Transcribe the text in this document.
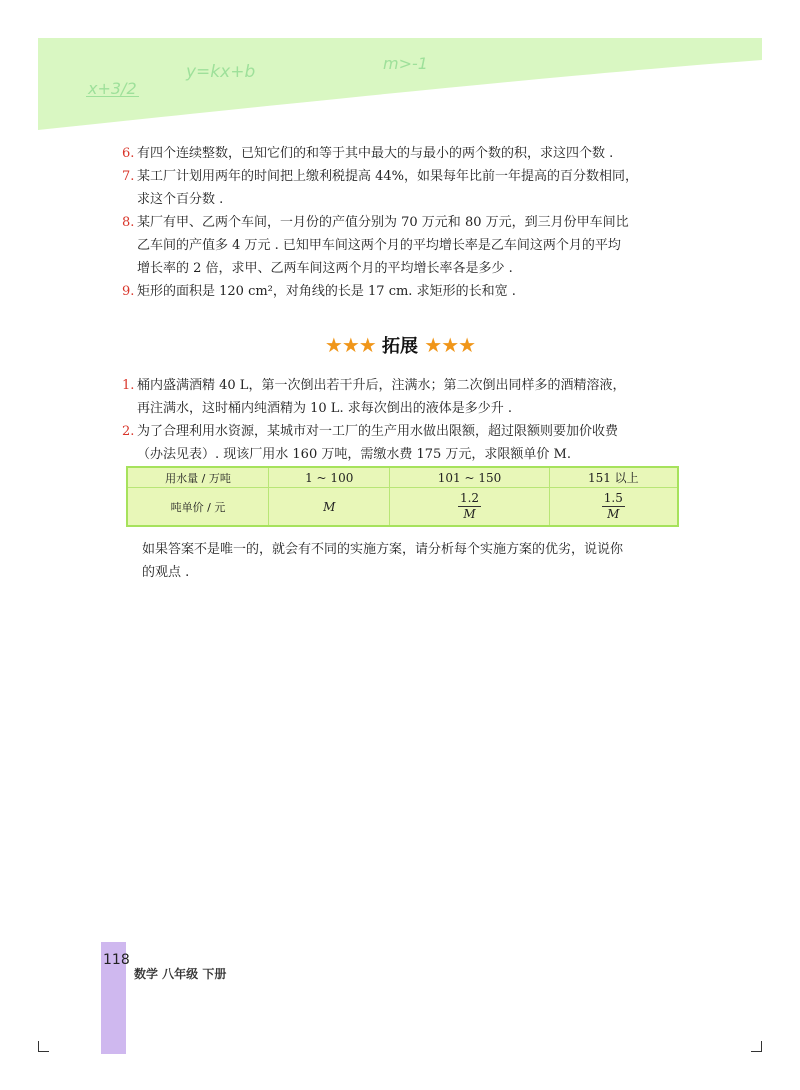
x+3/2
y=kx+b	m>-1
6. 有四个连续整数，已知它们的和等于其中最大的与最小的两个数的积，求这四个数 .
7. 某工厂计划用两年的时间把上缴利税提高 44%，如果每年比前一年提高的百分数相同，
求这个百分数 .
8. 某厂有甲、乙两个车间，一月份的产值分别为 70 万元和 80 万元，到三月份甲车间比
乙车间的产值多 4 万元 . 已知甲车间这两个月的平均增长率是乙车间这两个月的平均
增长率的 2 倍，求甲、乙两车间这两个月的平均增长率各是多少 .
9. 矩形的面积是 120 cm²，对角线的长是 17 cm. 求矩形的长和宽 .
★★★ 拓展 ★★★
1. 桶内盛满酒精 40 L，第一次倒出若干升后，注满水；第二次倒出同样多的酒精溶液，
再注满水，这时桶内纯酒精为 10 L. 求每次倒出的液体是多少升 .
2. 为了合理利用水资源，某城市对一工厂的生产用水做出限额，超过限额则要加价收费
（办法见表）. 现该厂用水 160 万吨，需缴水费 175 万元，求限额单价 M.
用水量 / 万吨	1 ~ 100	101 ~ 150	151 以上
吨单价 / 元	M	$\frac{1.2}{M}$	$\frac{1.5}{M}$
如果答案不是唯一的，就会有不同的实施方案，请分析每个实施方案的优劣，说说你
的观点 .
118
数学 八年级 下册
